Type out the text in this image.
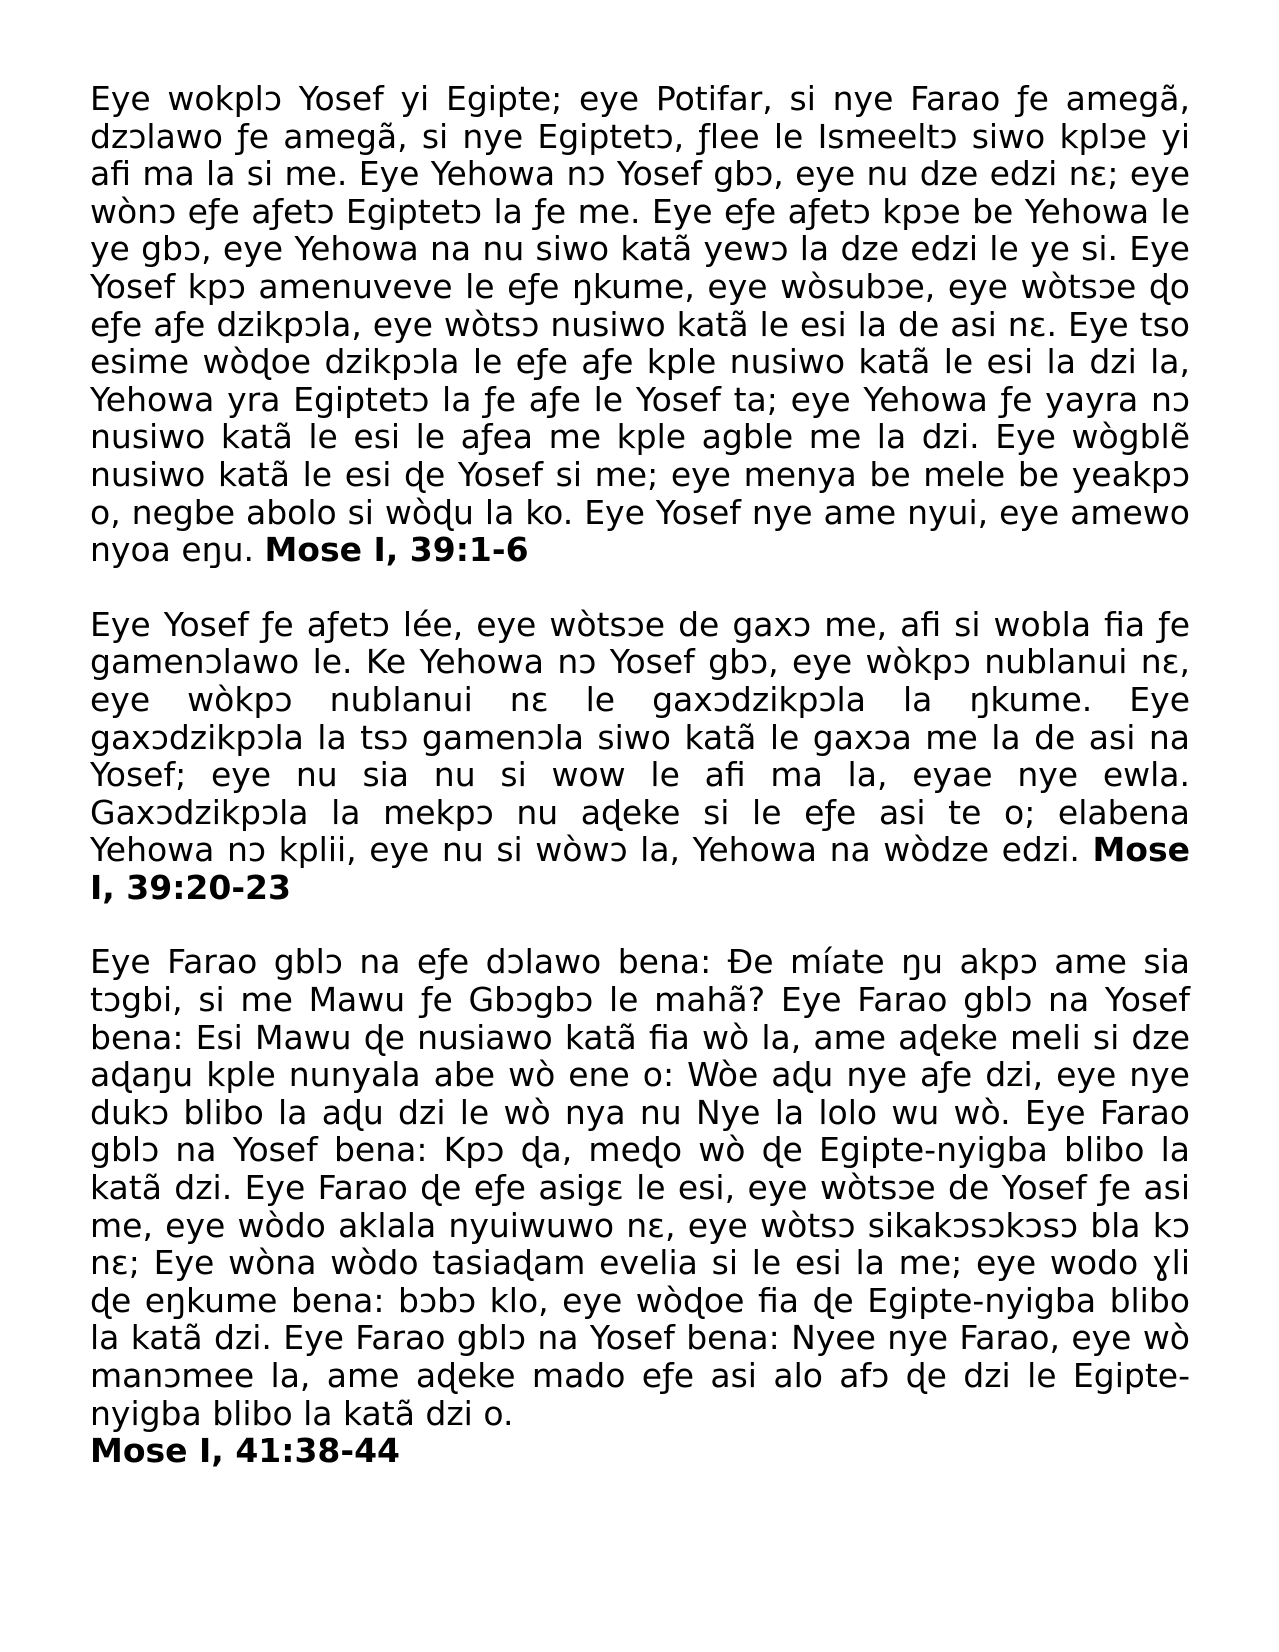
Eye wokplɔ Yosef yi Egipte; eye Potifar, si nye Farao ƒe amegã, dzɔlawo ƒe amegã, si nye Egiptetɔ, ƒlee le Ismeeltɔ siwo kplɔe yi afi ma la si me. Eye Yehowa nɔ Yosef gbɔ, eye nu dze edzi nɛ; eye wònɔ eƒe aƒetɔ Egiptetɔ la ƒe me. Eye eƒe aƒetɔ kpɔe be Yehowa le ye gbɔ, eye Yehowa na nu siwo katã yewɔ la dze edzi le ye si. Eye Yosef kpɔ amenuveve le eƒe ŋkume, eye wòsubɔe, eye wòtsɔe ɖo eƒe aƒe dzikpɔla, eye wòtsɔ nusiwo katã le esi la de asi nɛ. Eye tso esime wòɖoe dzikpɔla le eƒe aƒe kple nusiwo katã le esi la dzi la, Yehowa yra Egiptetɔ la ƒe aƒe le Yosef ta; eye Yehowa ƒe yayra nɔ nusiwo katã le esi le aƒea me kple agble me la dzi. Eye wògblẽ nusiwo katã le esi ɖe Yosef si me; eye menya be mele be yeakpɔ o, negbe abolo si wòɖu la ko. Eye Yosef nye ame nyui, eye amewo nyoa eŋu. Mose I, 39:1-6

Eye Yosef ƒe aƒetɔ lée, eye wòtsɔe de gaxɔ me, afi si wobla fia ƒe gamenɔlawo le. Ke Yehowa nɔ Yosef gbɔ, eye wòkpɔ nublanui nɛ, eye wòkpɔ nublanui nɛ le gaxɔdzikpɔla la ŋkume. Eye gaxɔdzikpɔla la tsɔ gamenɔla siwo katã le gaxɔa me la de asi na Yosef; eye nu sia nu si wow le afi ma la, eyae nye ewla. Gaxɔdzikpɔla la mekpɔ nu aɖeke si le eƒe asi te o; elabena Yehowa nɔ kplii, eye nu si wòwɔ la, Yehowa na wòdze edzi. Mose I, 39:20-23

Eye Farao gblɔ na eƒe dɔlawo bena: Đe míate ŋu akpɔ ame sia tɔgbi, si me Mawu ƒe Gbɔgbɔ le mahã? Eye Farao gblɔ na Yosef bena: Esi Mawu ɖe nusiawo katã fia wò la, ame aɖeke meli si dze aɖaŋu kple nunyala abe wò ene o: Wòe aɖu nye aƒe dzi, eye nye dukɔ blibo la aɖu dzi le wò nya nu Nye la lolo wu wò. Eye Farao gblɔ na Yosef bena: Kpɔ ɖa, meɖo wò ɖe Egipte-nyigba blibo la katã dzi. Eye Farao ɖe eƒe asigɛ le esi, eye wòtsɔe de Yosef ƒe asi me, eye wòdo aklala nyuiwuwo nɛ, eye wòtsɔ sikakɔsɔkɔsɔ bla kɔ nɛ; Eye wòna wòdo tasiaɖam evelia si le esi la me; eye wodo ɣli ɖe eŋkume bena: bɔbɔ klo, eye wòɖoe fia ɖe Egipte-nyigba blibo la katã dzi. Eye Farao gblɔ na Yosef bena: Nyee nye Farao, eye wò manɔmee la, ame aɖeke mado eƒe asi alo afɔ ɖe dzi le Egipte-nyigba blibo la katã dzi o.
Mose I, 41:38-44
